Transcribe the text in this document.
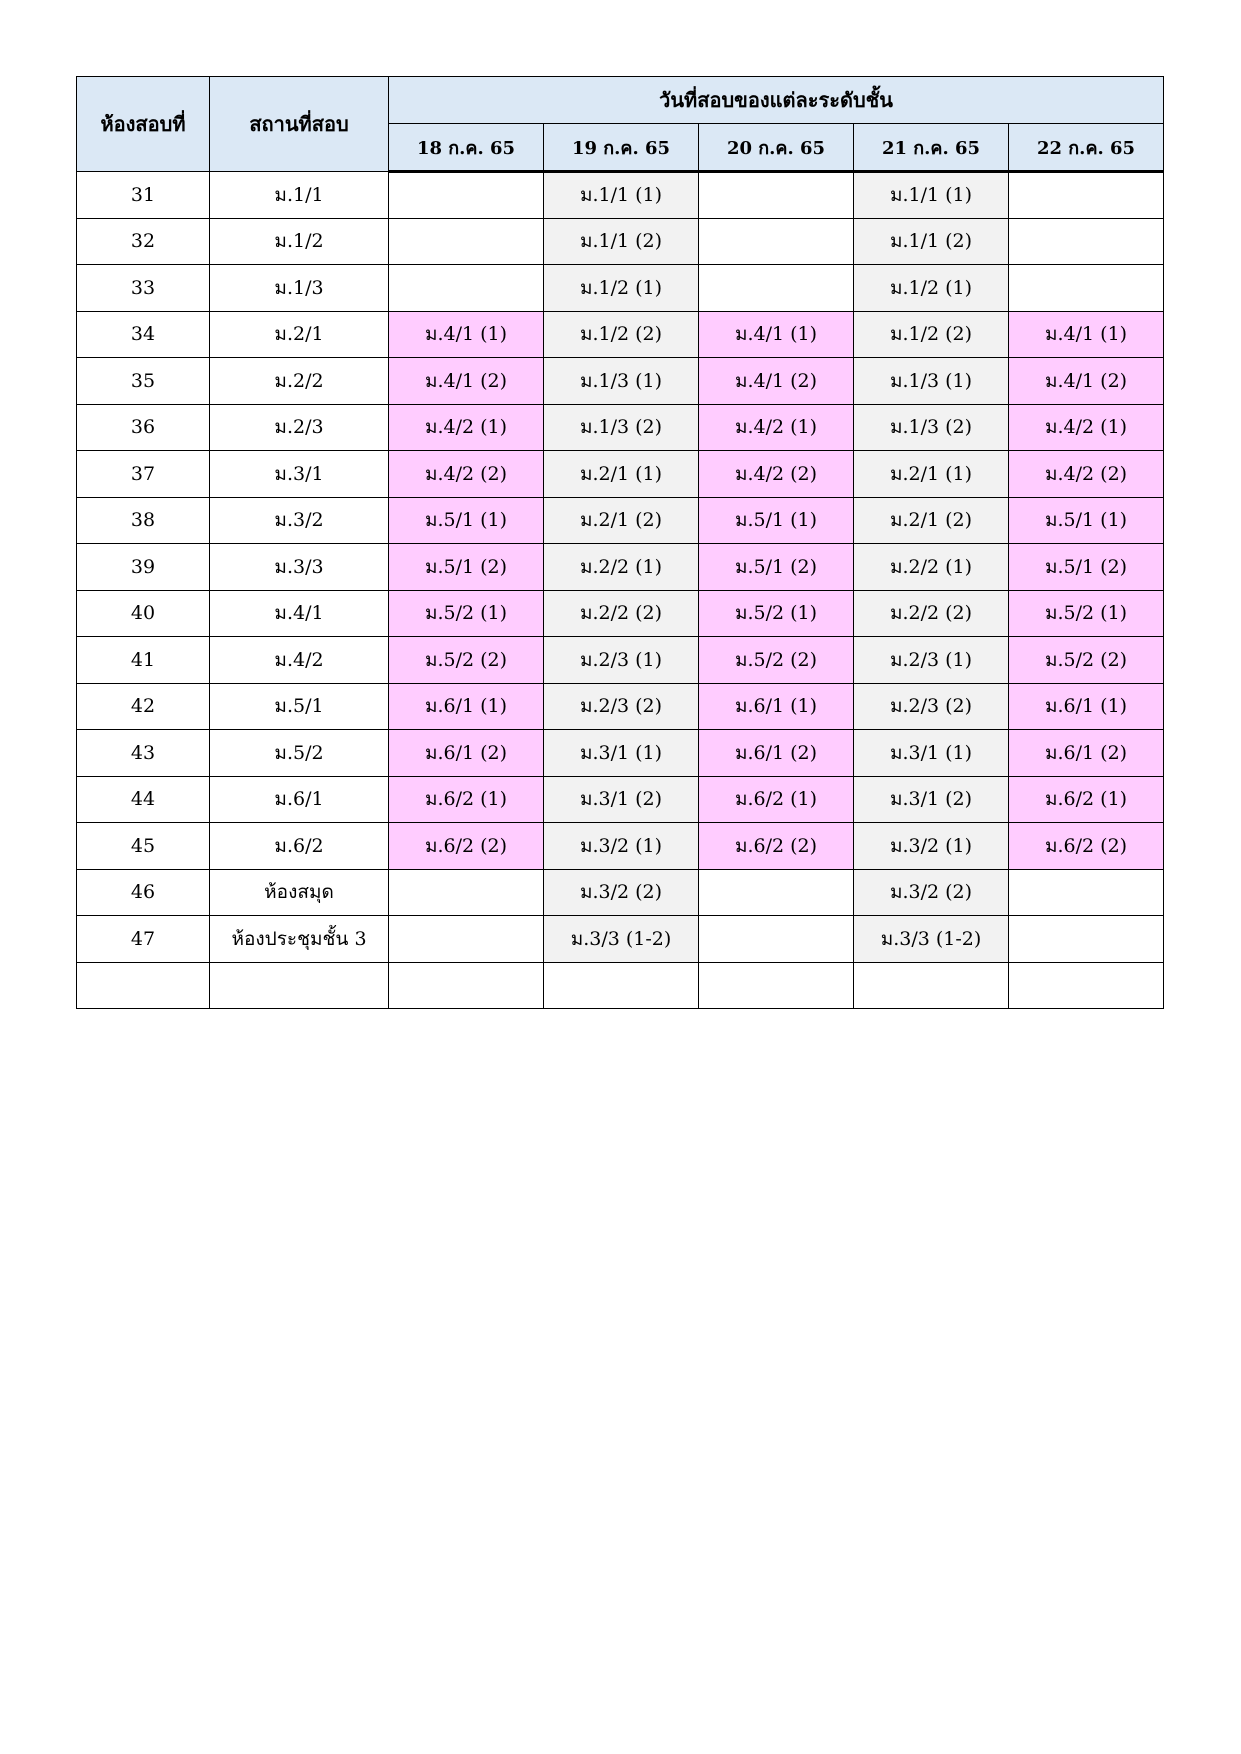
ห้องสอบที่	สถานที่สอบ	วันที่สอบของแต่ละระดับชั้น				
		18 ก.ค. 65	19 ก.ค. 65	20 ก.ค. 65	21 ก.ค. 65	22 ก.ค. 65
31	ม.1/1		ม.1/1 (1)		ม.1/1 (1)	
32	ม.1/2		ม.1/1 (2)		ม.1/1 (2)	
33	ม.1/3		ม.1/2 (1)		ม.1/2 (1)	
34	ม.2/1	ม.4/1 (1)	ม.1/2 (2)	ม.4/1 (1)	ม.1/2 (2)	ม.4/1 (1)
35	ม.2/2	ม.4/1 (2)	ม.1/3 (1)	ม.4/1 (2)	ม.1/3 (1)	ม.4/1 (2)
36	ม.2/3	ม.4/2 (1)	ม.1/3 (2)	ม.4/2 (1)	ม.1/3 (2)	ม.4/2 (1)
37	ม.3/1	ม.4/2 (2)	ม.2/1 (1)	ม.4/2 (2)	ม.2/1 (1)	ม.4/2 (2)
38	ม.3/2	ม.5/1 (1)	ม.2/1 (2)	ม.5/1 (1)	ม.2/1 (2)	ม.5/1 (1)
39	ม.3/3	ม.5/1 (2)	ม.2/2 (1)	ม.5/1 (2)	ม.2/2 (1)	ม.5/1 (2)
40	ม.4/1	ม.5/2 (1)	ม.2/2 (2)	ม.5/2 (1)	ม.2/2 (2)	ม.5/2 (1)
41	ม.4/2	ม.5/2 (2)	ม.2/3 (1)	ม.5/2 (2)	ม.2/3 (1)	ม.5/2 (2)
42	ม.5/1	ม.6/1 (1)	ม.2/3 (2)	ม.6/1 (1)	ม.2/3 (2)	ม.6/1 (1)
43	ม.5/2	ม.6/1 (2)	ม.3/1 (1)	ม.6/1 (2)	ม.3/1 (1)	ม.6/1 (2)
44	ม.6/1	ม.6/2 (1)	ม.3/1 (2)	ม.6/2 (1)	ม.3/1 (2)	ม.6/2 (1)
45	ม.6/2	ม.6/2 (2)	ม.3/2 (1)	ม.6/2 (2)	ม.3/2 (1)	ม.6/2 (2)
46	ห้องสมุด		ม.3/2 (2)		ม.3/2 (2)	
47	ห้องประชุมชั้น 3		ม.3/3 (1-2)		ม.3/3 (1-2)	
